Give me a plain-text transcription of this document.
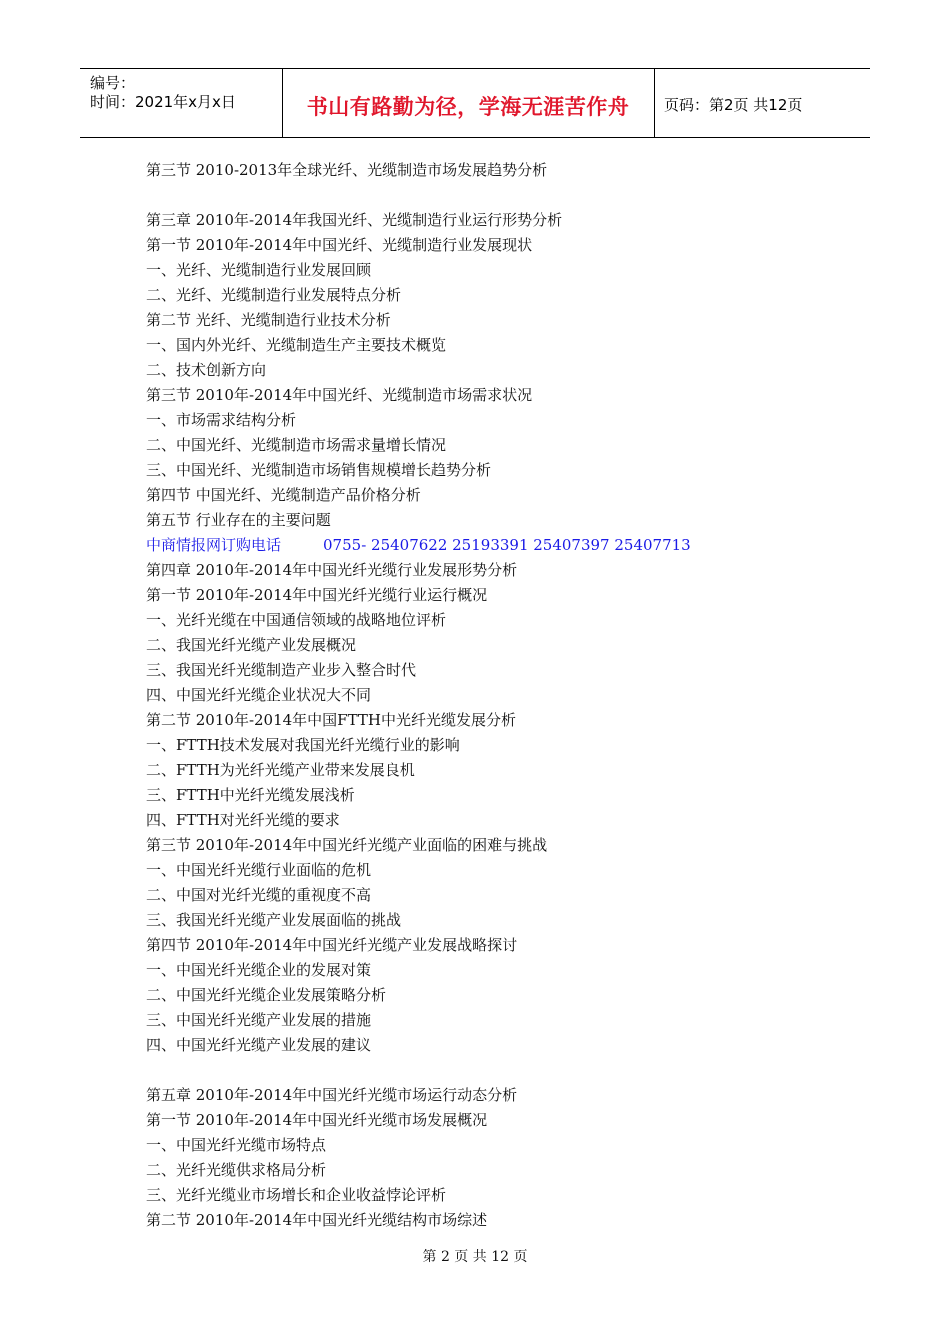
编号：
时间：2021年x月x日	书山有路勤为径，学海无涯苦作舟	页码：第2页 共12页
第三节 2010-2013年全球光纤、光缆制造市场发展趋势分析
第三章 2010年-2014年我国光纤、光缆制造行业运行形势分析
第一节 2010年-2014年中国光纤、光缆制造行业发展现状
一、光纤、光缆制造行业发展回顾
二、光纤、光缆制造行业发展特点分析
第二节 光纤、光缆制造行业技术分析
一、国内外光纤、光缆制造生产主要技术概览
二、技术创新方向
第三节 2010年-2014年中国光纤、光缆制造市场需求状况
一、市场需求结构分析
二、中国光纤、光缆制造市场需求量增长情况
三、中国光纤、光缆制造市场销售规模增长趋势分析
第四节 中国光纤、光缆制造产品价格分析
第五节 行业存在的主要问题
中商情报网订购电话	0755- 25407622 25193391 25407397 25407713
第四章 2010年-2014年中国光纤光缆行业发展形势分析
第一节 2010年-2014年中国光纤光缆行业运行概况
一、光纤光缆在中国通信领域的战略地位评析
二、我国光纤光缆产业发展概况
三、我国光纤光缆制造产业步入整合时代
四、中国光纤光缆企业状况大不同
第二节 2010年-2014年中国FTTH中光纤光缆发展分析
一、FTTH技术发展对我国光纤光缆行业的影响
二、FTTH为光纤光缆产业带来发展良机
三、FTTH中光纤光缆发展浅析
四、FTTH对光纤光缆的要求
第三节 2010年-2014年中国光纤光缆产业面临的困难与挑战
一、中国光纤光缆行业面临的危机
二、中国对光纤光缆的重视度不高
三、我国光纤光缆产业发展面临的挑战
第四节 2010年-2014年中国光纤光缆产业发展战略探讨
一、中国光纤光缆企业的发展对策
二、中国光纤光缆企业发展策略分析
三、中国光纤光缆产业发展的措施
四、中国光纤光缆产业发展的建议
第五章 2010年-2014年中国光纤光缆市场运行动态分析
第一节 2010年-2014年中国光纤光缆市场发展概况
一、中国光纤光缆市场特点
二、光纤光缆供求格局分析
三、光纤光缆业市场增长和企业收益悖论评析
第二节 2010年-2014年中国光纤光缆结构市场综述
第 2 页 共 12 页
